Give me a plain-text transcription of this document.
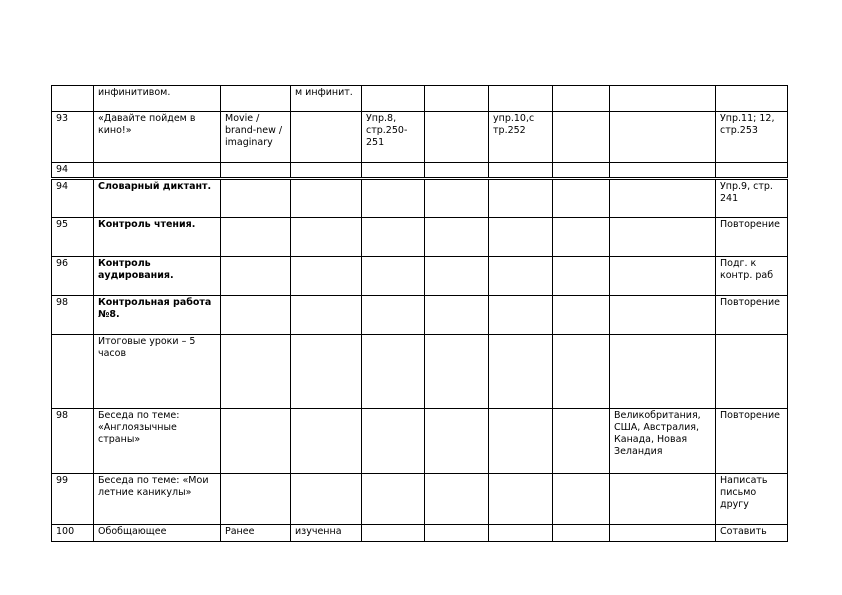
	инфинитивом.		м инфинит.						
93	«Давайте пойдем в кино!»	Movie / brand-new / imaginary		Упр.8, стр.250-251		упр.10,с тр.252			Упр.11; 12, стр.253
94									
94	Словарный диктант.								Упр.9, стр. 241
95	Контроль чтения.								Повторение
96	Контроль аудирования.								Подг. к контр. раб
98	Контрольная работа №8.								Повторение
	Итоговые уроки – 5 часов								
98	Беседа по теме: «Англоязычные страны»							Великобритания, США, Австралия, Канада, Новая Зеландия	Повторение
99	Беседа по теме: «Мои летние каникулы»								Написать письмо другу
100	Обобщающее	Ранее	изученна						Сотавить
